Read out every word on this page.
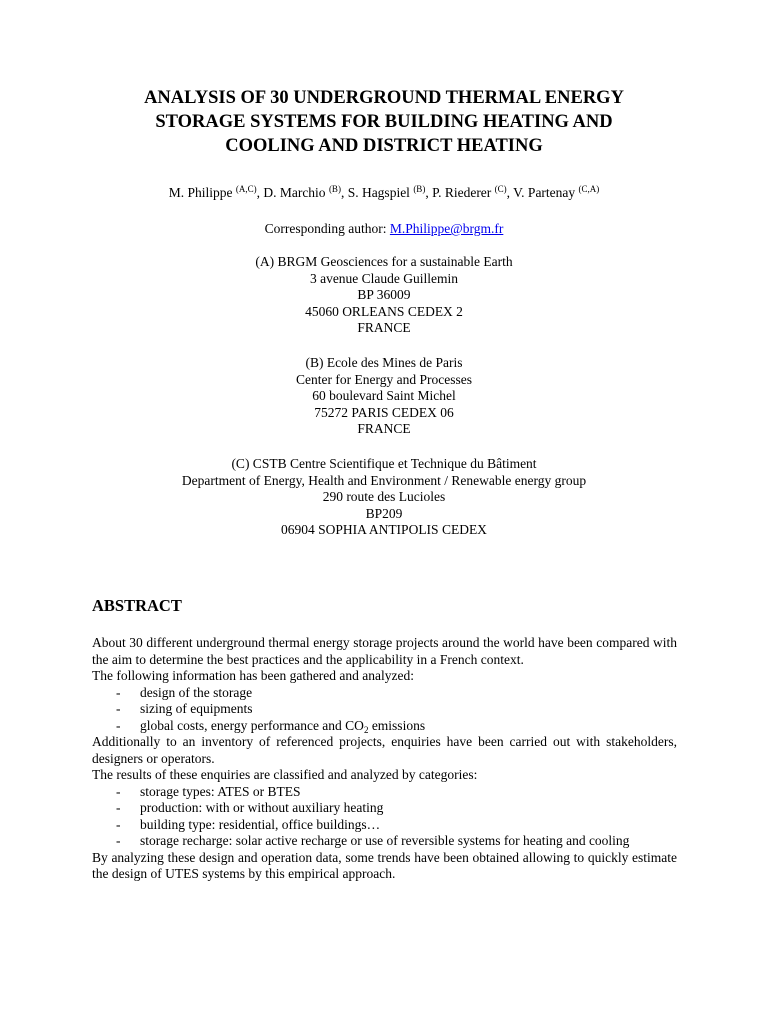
ANALYSIS OF 30 UNDERGROUND THERMAL ENERGY
STORAGE SYSTEMS FOR BUILDING HEATING AND
COOLING AND DISTRICT HEATING
M. Philippe $^{(A,C)}$, D. Marchio $^{(B)}$, S. Hagspiel $^{(B)}$, P. Riederer $^{(C)}$, V. Partenay $^{(C,A)}$
Corresponding author: M.Philippe@brgm.fr
(A) BRGM Geosciences for a sustainable Earth
3 avenue Claude Guillemin
BP 36009
45060 ORLEANS CEDEX 2
FRANCE
(B) Ecole des Mines de Paris
Center for Energy and Processes
60 boulevard Saint Michel
75272 PARIS CEDEX 06
FRANCE
(C) CSTB Centre Scientifique et Technique du Bâtiment
Department of Energy, Health and Environment / Renewable energy group
290 route des Lucioles
BP209
06904 SOPHIA ANTIPOLIS CEDEX
ABSTRACT

About 30 different underground thermal energy storage projects around the world have been compared with the aim to determine the best practices and the applicability in a French context.

The following information has been gathered and analyzed:

- design of the storage
- sizing of equipments
- global costs, energy performance and $CO_2$ emissions

Additionally to an inventory of referenced projects, enquiries have been carried out with stakeholders, designers or operators.

The results of these enquiries are classified and analyzed by categories:

- storage types: ATES or BTES
- production: with or without auxiliary heating
- building type: residential, office buildings…
- storage recharge: solar active recharge or use of reversible systems for heating and cooling

By analyzing these design and operation data, some trends have been obtained allowing to quickly estimate the design of UTES systems by this empirical approach.
